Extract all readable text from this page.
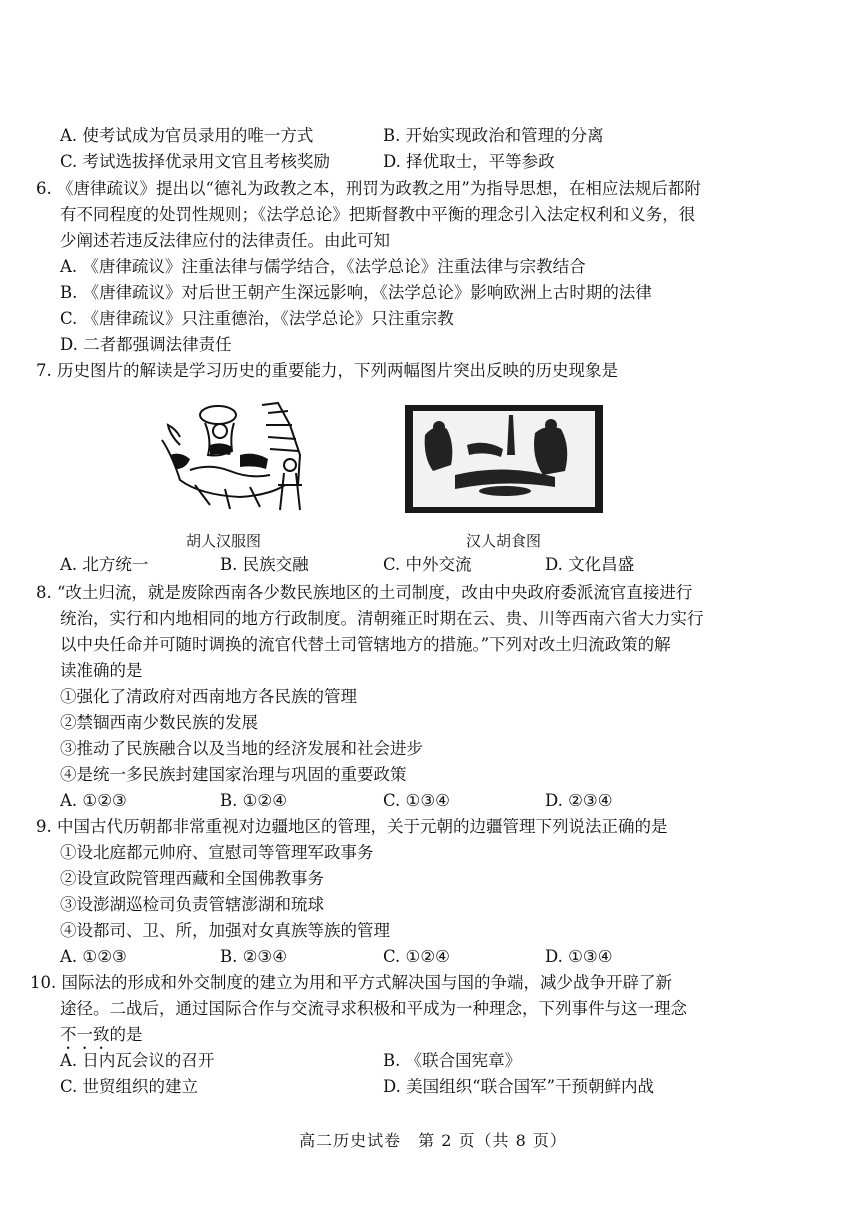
A. 使考试成为官员录用的唯一方式	B. 开始实现政治和管理的分离
C. 考试选拔择优录用文官且考核奖励	D. 择优取士，平等参政
6. 《唐律疏议》提出以“德礼为政教之本，刑罚为政教之用”为指导思想，在相应法规后都附
有不同程度的处罚性规则；《法学总论》把斯督教中平衡的理念引入法定权利和义务，很
少阐述若违反法律应付的法律责任。由此可知
A. 《唐律疏议》注重法律与儒学结合，《法学总论》注重法律与宗教结合
B. 《唐律疏议》对后世王朝产生深远影响，《法学总论》影响欧洲上古时期的法律
C. 《唐律疏议》只注重德治，《法学总论》只注重宗教
D. 二者都强调法律责任
7. 历史图片的解读是学习历史的重要能力，下列两幅图片突出反映的历史现象是
胡人汉服图	汉人胡食图
A. 北方统一	B. 民族交融	C. 中外交流	D. 文化昌盛
8. “改土归流，就是废除西南各少数民族地区的土司制度，改由中央政府委派流官直接进行
统治，实行和内地相同的地方行政制度。清朝雍正时期在云、贵、川等西南六省大力实行
以中央任命并可随时调换的流官代替土司管辖地方的措施。”下列对改土归流政策的解
读准确的是
①强化了清政府对西南地方各民族的管理
②禁锢西南少数民族的发展
③推动了民族融合以及当地的经济发展和社会进步
④是统一多民族封建国家治理与巩固的重要政策
A. ①②③	B. ①②④	C. ①③④	D. ②③④
9. 中国古代历朝都非常重视对边疆地区的管理，关于元朝的边疆管理下列说法正确的是
①设北庭都元帅府、宣慰司等管理军政事务
②设宣政院管理西藏和全国佛教事务
③设澎湖巡检司负责管辖澎湖和琉球
④设都司、卫、所，加强对女真族等族的管理
A. ①②③	B. ②③④	C. ①②④	D. ①③④
10. 国际法的形成和外交制度的建立为用和平方式解决国与国的争端，减少战争开辟了新
途径。二战后，通过国际合作与交流寻求积极和平成为一种理念，下列事件与这一理念
不一致的是
A. 日内瓦会议的召开	B. 《联合国宪章》
C. 世贸组织的建立	D. 美国组织“联合国军”干预朝鲜内战
高二历史试卷　第 2 页（共 8 页）
